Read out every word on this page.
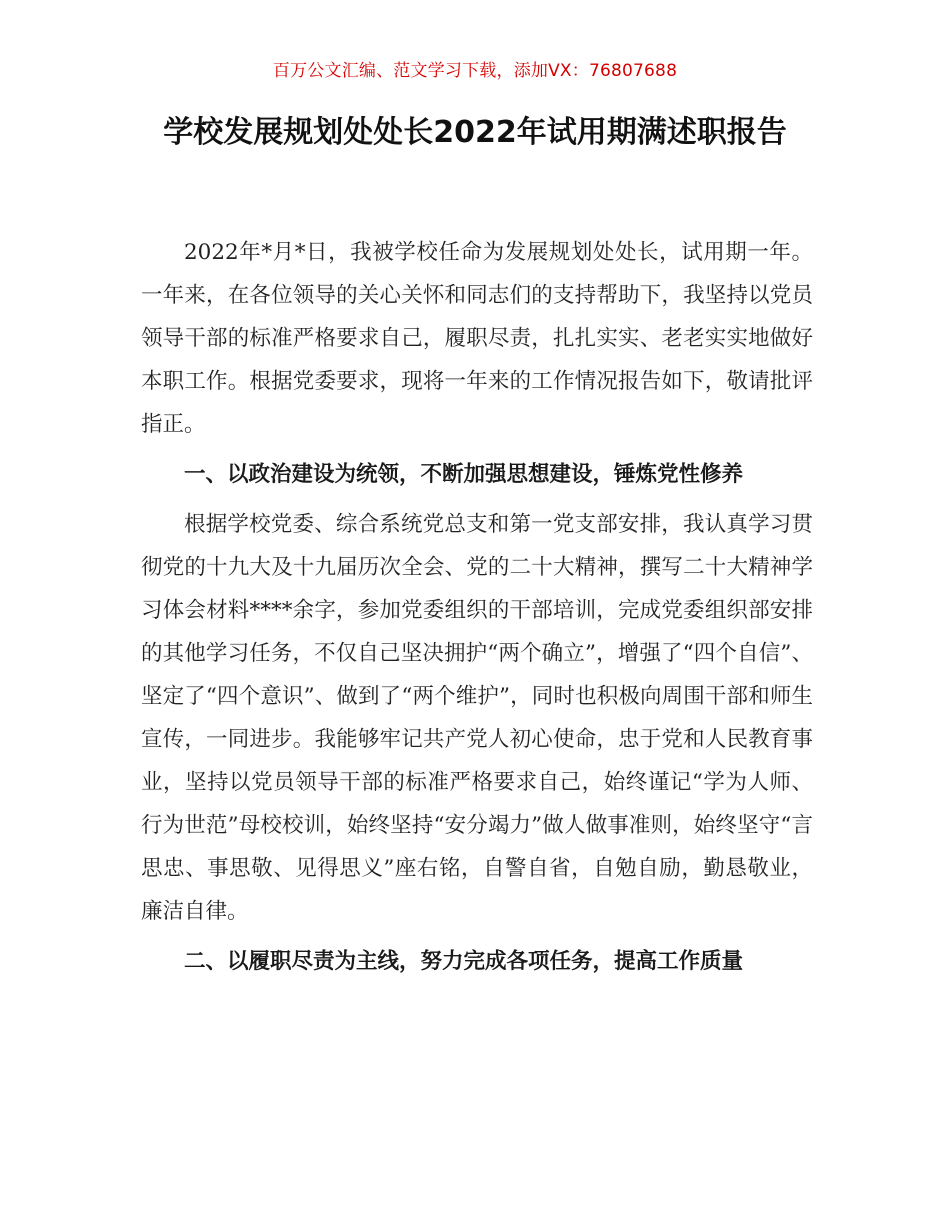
百万公文汇编、范文学习下载，添加VX：76807688
学校发展规划处处长2022年试用期满述职报告

2022年*月*日，我被学校任命为发展规划处处长，试用期一年。一年来，在各位领导的关心关怀和同志们的支持帮助下，我坚持以党员领导干部的标准严格要求自己，履职尽责，扎扎实实、老老实实地做好本职工作。根据党委要求，现将一年来的工作情况报告如下，敬请批评指正。

一、以政治建设为统领，不断加强思想建设，锤炼党性修养

根据学校党委、综合系统党总支和第一党支部安排，我认真学习贯彻党的十九大及十九届历次全会、党的二十大精神，撰写二十大精神学习体会材料****余字，参加党委组织的干部培训，完成党委组织部安排的其他学习任务，不仅自己坚决拥护“两个确立”，增强了“四个自信”、坚定了“四个意识”、做到了“两个维护”，同时也积极向周围干部和师生宣传，一同进步。我能够牢记共产党人初心使命，忠于党和人民教育事业，坚持以党员领导干部的标准严格要求自己，始终谨记“学为人师、行为世范”母校校训，始终坚持“安分竭力”做人做事准则，始终坚守“言思忠、事思敬、见得思义”座右铭，自警自省，自勉自励，勤恳敬业，廉洁自律。

二、以履职尽责为主线，努力完成各项任务，提高工作质量
